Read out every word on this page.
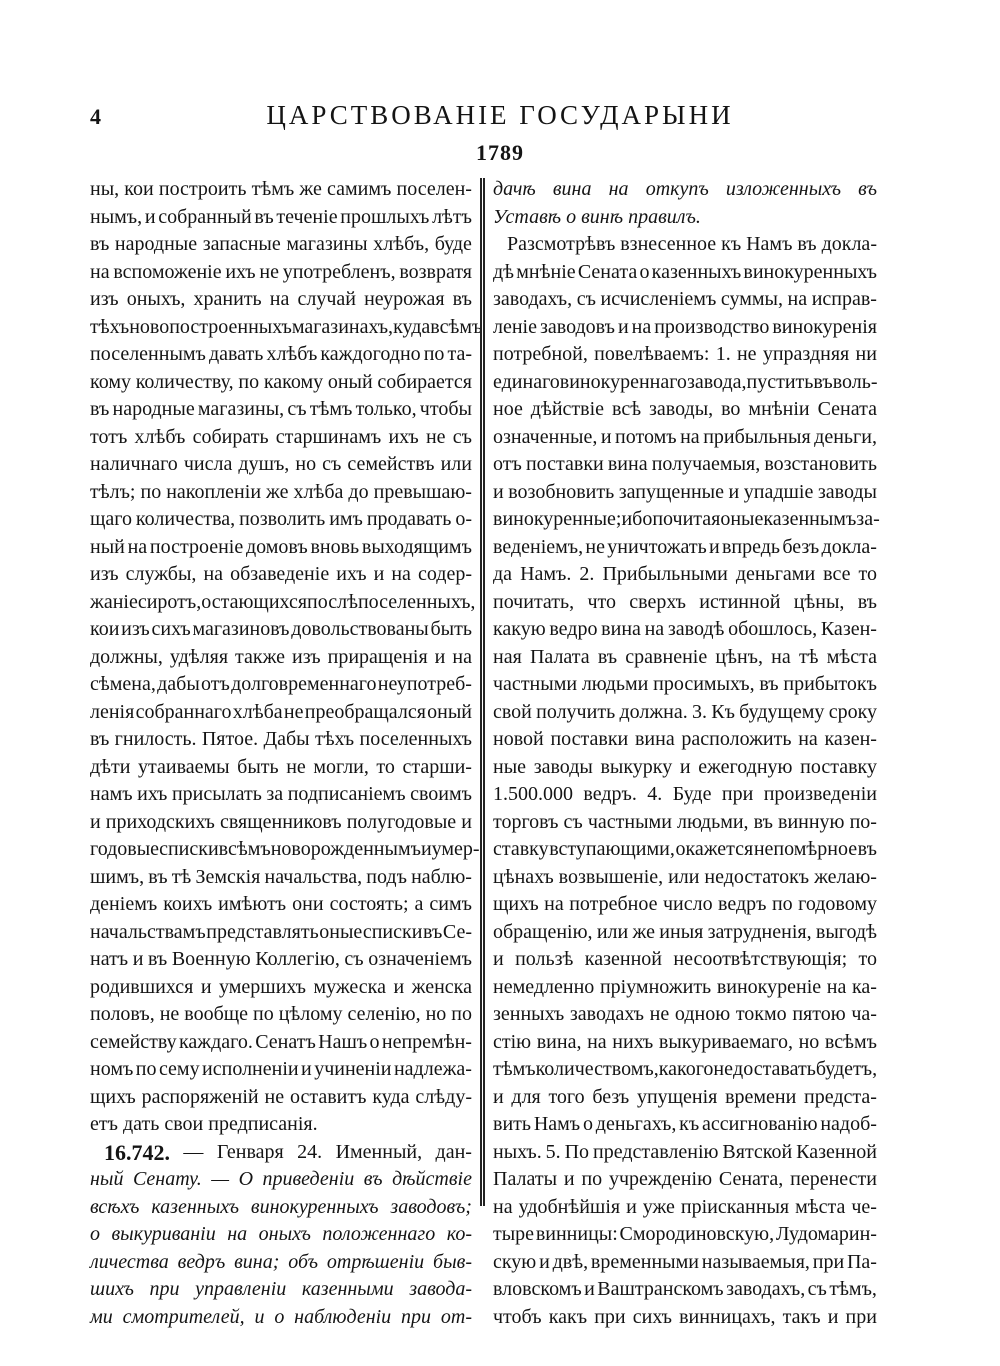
4	ЦАРСТВОВАНІЕ ГОСУДАРЫНИ
1789
ны, кои построить тѣмъ же самимъ поселен-
нымъ, и собранный въ теченіе прошлыхъ лѣтъ
въ народные запасные магазины хлѣбъ, буде
на вспоможеніе ихъ не употребленъ, возвратя
изъ оныхъ, хранить на случай неурожая въ
тѣхъ новопостроенныхъ магазинахъ, куда всѣмъ
поселеннымъ давать хлѣбъ каждогодно по та-
кому количеству, по какому оный собирается
въ народные магазины, съ тѣмъ только, чтобы
тотъ хлѣбъ собирать старшинамъ ихъ не съ
наличнаго числа душъ, но съ семействъ или
тѣлъ; по накопленіи же хлѣба до превышаю-
щаго количества, позволить имъ продавать о-
ный на построеніе домовъ вновь выходящимъ
изъ службы, на обзаведеніе ихъ и на содер-
жаніе сиротъ, остающихся послѣ поселенныхъ,
кои изъ сихъ магазиновъ довольствованы быть
должны, удѣляя также изъ приращенія и на
сѣмена, дабы отъ долговременнаго неупотреб-
ленія собраннаго хлѣба не преобращался оный
въ гнилость. Пятое. Дабы тѣхъ поселенныхъ
дѣти утаиваемы быть не могли, то старши-
намъ ихъ присылать за подписаніемъ своимъ
и приходскихъ священниковъ полугодовые и
годовые списки всѣмъ новорожденнымъ и умер-
шимъ, въ тѣ Земскія начальства, подъ наблю-
деніемъ коихъ имѣютъ они состоять; а симъ
начальствамъ представлять оные списки въ Се-
натъ и въ Военную Коллегію, съ означеніемъ
родившихся и умершихъ мужеска и женска
половъ, не вообще по цѣлому селенію, но по
семейству каждаго. Сенатъ Нашъ о непремѣн-
номъ по сему исполненіи и учиненіи надлежа-
щихъ распоряженій не оставитъ куда слѣду-
етъ дать свои предписанія.
16.742. — Генваря 24. Именный, дан-
ный Сенату. — О приведеніи въ дѣйствіе
всѣхъ казенныхъ винокуренныхъ заводовъ;
о выкуриваніи на оныхъ положеннаго ко-
личества ведръ вина; объ отрѣшеніи быв-
шихъ при управленіи казенными заводa-
ми смотрителей, и о наблюденіи при от-
дачѣ вина на откупъ изложенныхъ въ
Уставѣ о винѣ правилъ.
Разсмотрѣвъ взнесенное къ Намъ въ докла-
дѣ мнѣніе Сената о казенныхъ винокуренныхъ
заводахъ, съ исчисленіемъ суммы, на исправ-
леніе заводовъ и на производство винокуренія
потребной, повелѣваемъ: 1. не упраздняя ни
единаго винокуреннаго завода, пустить въ воль-
ное дѣйствіе всѣ заводы, во мнѣніи Сената
означенные, и потомъ на прибыльныя деньги,
отъ поставки вина получаемыя, возстановить
и возобновить запущенные и упадшіе заводы
винокуренные; ибо почитая оные казеннымъ за-
веденіемъ, не уничтожать и впредь безъ докла-
да Намъ. 2. Прибыльными деньгами все то
почитать, что сверхъ истинной цѣны, въ
какую ведро вина на заводѣ обошлось, Казен-
ная Палата въ сравненіе цѣнъ, на тѣ мѣста
частными людьми просимыхъ, въ прибытокъ
свой получить должна. 3. Къ будущему сроку
новой поставки вина расположить на казен-
ные заводы выкурку и ежегодную поставку
1.500.000 ведръ. 4. Буде при произведеніи
торговъ съ частными людьми, въ винную по-
ставку вступающими, окажется непомѣрное въ
цѣнахъ возвышеніе, или недостатокъ желаю-
щихъ на потребное число ведръ по годовому
обращенію, или же иныя затрудненія, выгодѣ
и пользѣ казенной несоотвѣтствующія; то
немедленно пріумножить винокуреніе на ка-
зенныхъ заводахъ не одною токмо пятою ча-
стію вина, на нихъ выкуриваемаго, но всѣмъ
тѣмъ количествомъ, какого не доставать будетъ,
и для того безъ упущенія времени предста-
вить Намъ о деньгахъ, къ ассигнованію надоб-
ныхъ. 5. По представленію Вятской Казенной
Палаты и по учрежденію Сената, перенести
на удобнѣйшія и уже пріисканныя мѣста че-
тыре винницы: Смородиновскую, Лудомарин-
скую и двѣ, временными называемыя, при Па-
вловскомъ и Ваштранскомъ заводахъ, съ тѣмъ,
чтобъ какъ при сихъ винницахъ, такъ и при
